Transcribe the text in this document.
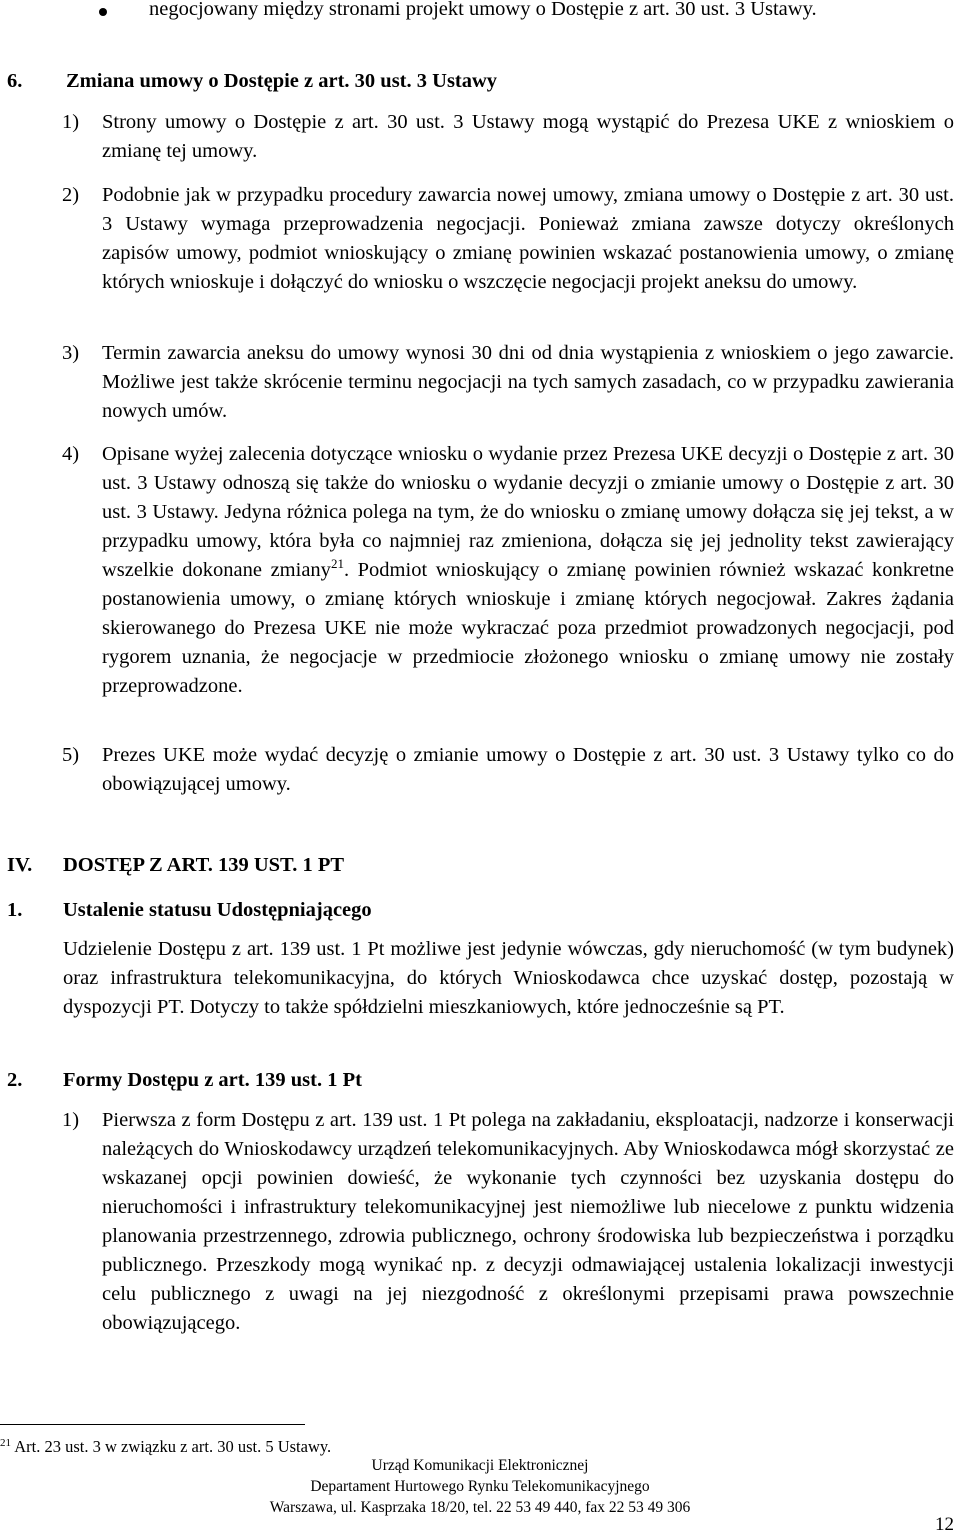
negocjowany między stronami projekt umowy o Dostępie z art. 30 ust. 3 Ustawy.

6. Zmiana umowy o Dostępie z art. 30 ust. 3 Ustawy
1) Strony umowy o Dostępie z art. 30 ust. 3 Ustawy mogą wystąpić do Prezesa UKE z wnioskiem o zmianę tej umowy.

2) Podobnie jak w przypadku procedury zawarcia nowej umowy, zmiana umowy o Dostępie z art. 30 ust. 3 Ustawy wymaga przeprowadzenia negocjacji. Ponieważ zmiana zawsze dotyczy określonych zapisów umowy, podmiot wnioskujący o zmianę powinien wskazać postanowienia umowy, o zmianę których wnioskuje i dołączyć do wniosku o wszczęcie negocjacji projekt aneksu do umowy.

3) Termin zawarcia aneksu do umowy wynosi 30 dni od dnia wystąpienia z wnioskiem o jego zawarcie. Możliwe jest także skrócenie terminu negocjacji na tych samych zasadach, co w przypadku zawierania nowych umów.

4) Opisane wyżej zalecenia dotyczące wniosku o wydanie przez Prezesa UKE decyzji o Dostępie z art. 30 ust. 3 Ustawy odnoszą się także do wniosku o wydanie decyzji o zmianie umowy o Dostępie z art. 30 ust. 3 Ustawy. Jedyna różnica polega na tym, że do wniosku o zmianę umowy dołącza się jej tekst, a w przypadku umowy, która była co najmniej raz zmieniona, dołącza się jej jednolity tekst zawierający wszelkie dokonane zmiany$^{21}$. Podmiot wnioskujący o zmianę powinien również wskazać konkretne postanowienia umowy, o zmianę których wnioskuje i zmianę których negocjował. Zakres żądania skierowanego do Prezesa UKE nie może wykraczać poza przedmiot prowadzonych negocjacji, pod rygorem uznania, że negocjacje w przedmiocie złożonego wniosku o zmianę umowy nie zostały przeprowadzone.

5) Prezes UKE może wydać decyzję o zmianie umowy o Dostępie z art. 30 ust. 3 Ustawy tylko co do obowiązującej umowy.

IV. DOSTĘP Z ART. 139 UST. 1 PT
1. Ustalenie statusu Udostępniającego

Udzielenie Dostępu z art. 139 ust. 1 Pt możliwe jest jedynie wówczas, gdy nieruchomość (w tym budynek) oraz infrastruktura telekomunikacyjna, do których Wnioskodawca chce uzyskać dostęp, pozostają w dyspozycji PT. Dotyczy to także spółdzielni mieszkaniowych, które jednocześnie są PT.

2. Formy Dostępu z art. 139 ust. 1 Pt
1) Pierwsza z form Dostępu z art. 139 ust. 1 Pt polega na zakładaniu, eksploatacji, nadzorze i konserwacji należących do Wnioskodawcy urządzeń telekomunikacyjnych. Aby Wnioskodawca mógł skorzystać ze wskazanej opcji powinien dowieść, że wykonanie tych czynności bez uzyskania dostępu do nieruchomości i infrastruktury telekomunikacyjnej jest niemożliwe lub niecelowe z punktu widzenia planowania przestrzennego, zdrowia publicznego, ochrony środowiska lub bezpieczeństwa i porządku publicznego. Przeszkody mogą wynikać np. z decyzji odmawiającej ustalenia lokalizacji inwestycji celu publicznego z uwagi na jej niezgodność z określonymi przepisami prawa powszechnie obowiązującego.

$^{21}$ Art. 23 ust. 3 w związku z art. 30 ust. 5 Ustawy.
Urząd Komunikacji Elektronicznej
Departament Hurtowego Rynku Telekomunikacyjnego
Warszawa, ul. Kasprzaka 18/20, tel. 22 53 49 440, fax 22 53 49 306
12
